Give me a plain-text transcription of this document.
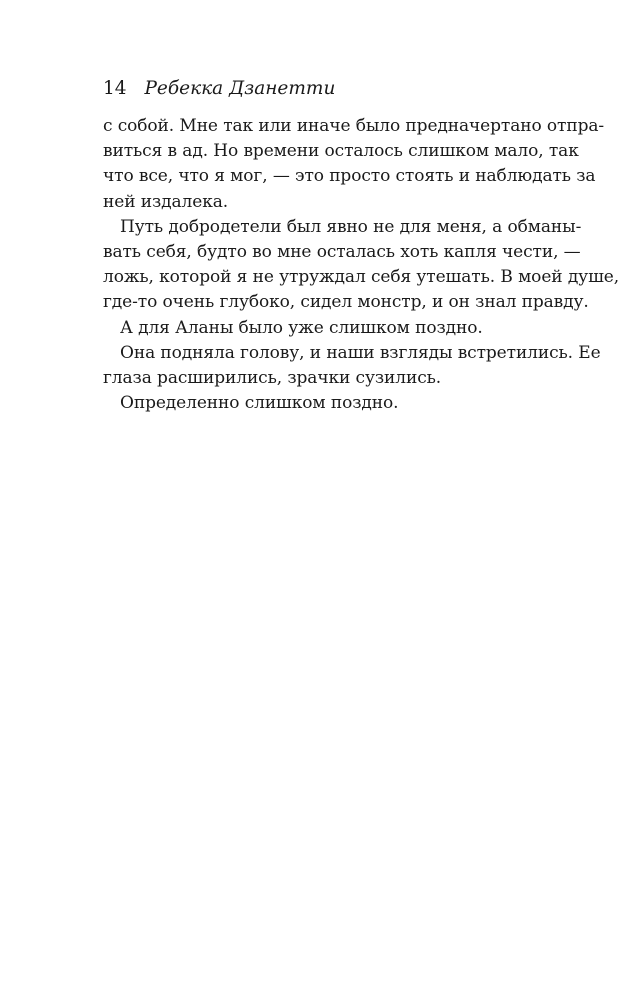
14 Ребекка Дзанетти
с собой. Мне так или иначе было предначертано отпра-
виться в ад. Но времени осталось слишком мало, так
что все, что я мог, — это просто стоять и наблюдать за
ней издалека.
Путь добродетели был явно не для меня, а обманы-
вать себя, будто во мне осталась хоть капля чести, —
ложь, которой я не утруждал себя утешать. В моей душе,
где-то очень глубоко, сидел монстр, и он знал правду.
А для Аланы было уже слишком поздно.
Она подняла голову, и наши взгляды встретились. Ее
глаза расширились, зрачки сузились.
Определенно слишком поздно.
